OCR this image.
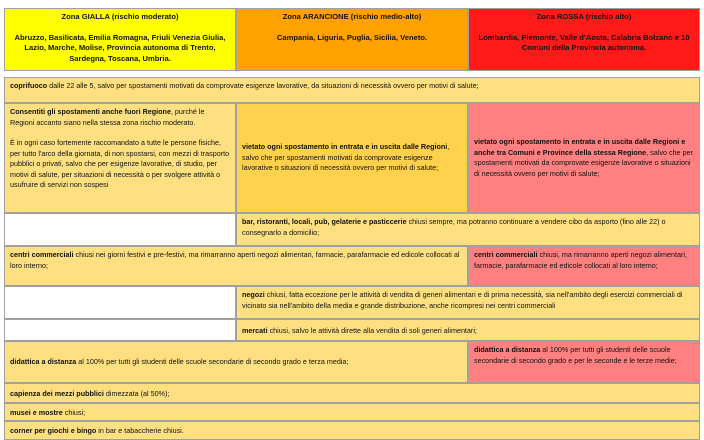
Zona GIALLA (rischio moderato)
Abruzzo, Basilicata, Emilia Romagna, Friuli Venezia Giulia, Lazio, Marche, Molise, Provincia autonoma di Trento, Sardegna, Toscana, Umbria.
Zona ARANCIONE (rischio medio-alto)
Campania, Liguria, Puglia, Sicilia, Veneto.
Zona ROSSA (rischio alto)
Lombardia, Piemonte, Valle d'Aosta, Calabria Bolzano e 10 Comuni della Provincia autonoma.
coprifuoco dalle 22 alle 5, salvo per spostamenti motivati da comprovate esigenze lavorative, da situazioni di necessità ovvero per motivi di salute;

Consentiti gli spostamenti anche fuori Regione, purché le Regioni accanto siano nella stessa zona rischio moderato.

È in ogni caso fortemente raccomandato a tutte le persone fisiche, per tutto l'arco della giornata, di non spostarsi, con mezzi di trasporto pubblici o privati, salvo che per esigenze lavorative, di studio, per motivi di salute, per situazioni di necessità o per svolgere attività o usufruire di servizi non sospesi

vietato ogni spostamento in entrata e in uscita dalle Regioni, salvo che per spostamenti motivati da comprovate esigenze lavorative o situazioni di necessità ovvero per motivi di salute;

vietato ogni spostamento in entrata e in uscita dalle Regioni e anche tra Comuni e Province della stessa Regione, salvo che per spostamenti motivati da comprovate esigenze lavorative o situazioni di necessità ovvero per motivi di salute;

bar, ristoranti, locali, pub, gelaterie e pasticcerie chiusi sempre, ma potranno continuare a vendere cibo da asporto (fino alle 22) o consegnarlo a domicilio;
centri commerciali chiusi nei giorni festivi e pre-festivi, ma rimarranno aperti negozi alimentari, farmacie, parafarmacie ed edicole collocati al loro interno;
centri commerciali chiusi, ma rimarranno aperti negozi alimentari, farmacie, parafarmacie ed edicole collocati al loro interno;
negozi chiusi, fatta eccezione per le attività di vendita di generi alimentari e di prima necessità, sia nell'ambito degli esercizi commerciali di vicinato sia nell'ambito della media e grande distribuzione, anche ricompresi nei centri commerciali
mercati chiusi, salvo le attività dirette alla vendita di soli generi alimentari;

didattica a distanza al 100% per tutti gli studenti delle scuole secondarie di secondo grado e terza media;

didattica a distanza al 100% per tutti gli studenti delle scuole secondarie di secondo grado e per le seconde e le terze medie;
capienza dei mezzi pubblici dimezzata (al 50%);
musei e mostre chiusi;
corner per giochi e bingo in bar e tabaccherie chiusi.
